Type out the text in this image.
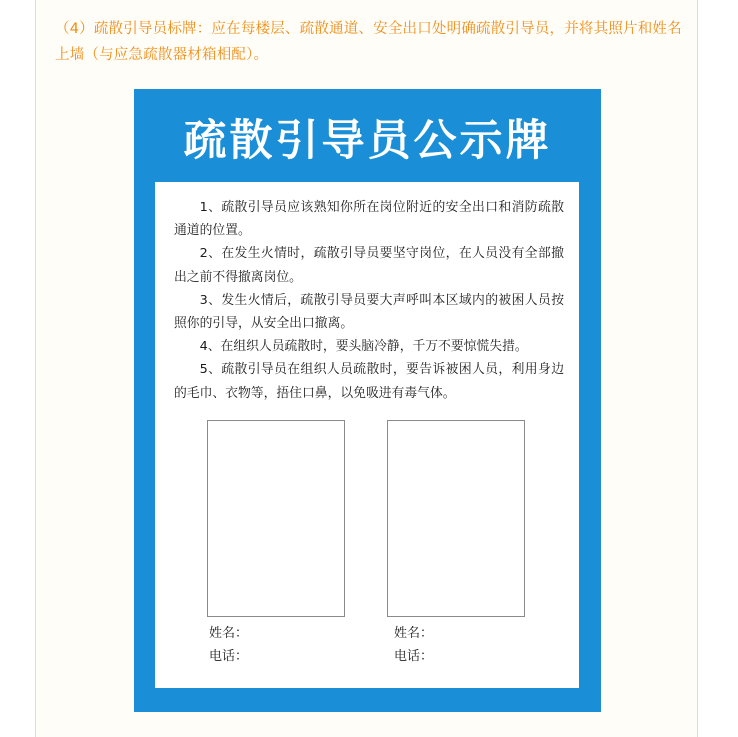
（4）疏散引导员标牌：应在每楼层、疏散通道、安全出口处明确疏散引导员，并将其照片和姓名上墙（与应急疏散器材箱相配）。

疏散引导员公示牌
1、疏散引导员应该熟知你所在岗位附近的安全出口和消防疏散通道的位置。
2、在发生火情时，疏散引导员要坚守岗位，在人员没有全部撤出之前不得撤离岗位。
3、发生火情后，疏散引导员要大声呼叫本区域内的被困人员按照你的引导，从安全出口撤离。
4、在组织人员疏散时，要头脑冷静，千万不要惊慌失措。
5、疏散引导员在组织人员疏散时，要告诉被困人员，利用身边的毛巾、衣物等，捂住口鼻，以免吸进有毒气体。
姓名：
电话：
姓名：
电话：
